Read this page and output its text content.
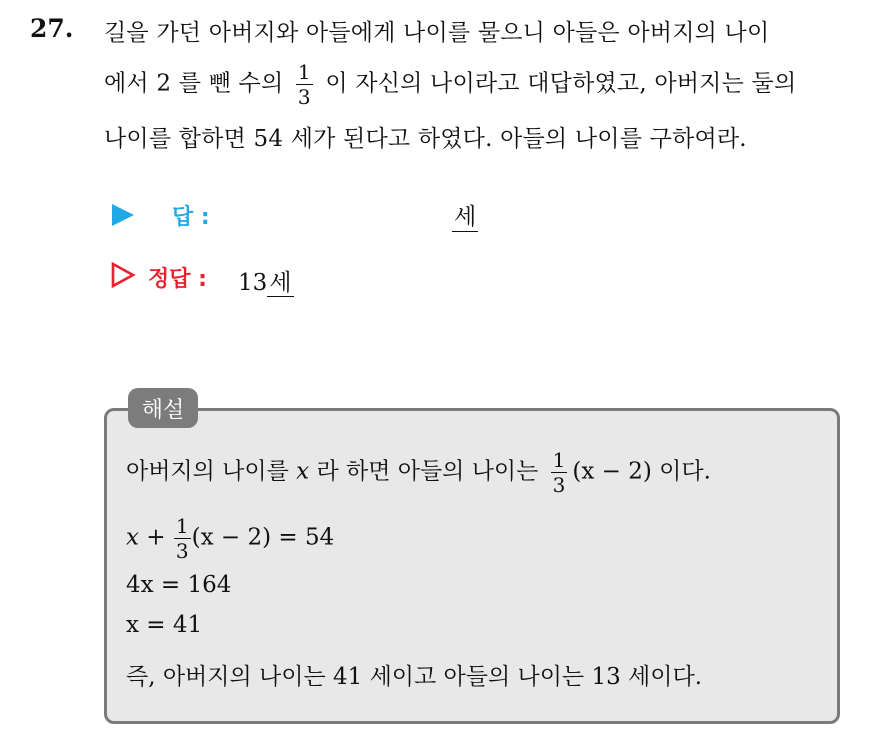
27. 길을 가던 아버지와 아들에게 나이를 물으니 아들은 아버지의 나이
에서 2 를 뺀 수의 $\frac{1}{3}$ 이 자신의 나이라고 대답하였고, 아버지는 둘의
나이를 합하면 54 세가 된다고 하였다. 아들의 나이를 구하여라.
답 :	세
정답 : 13세
해설
아버지의 나이를 x 라 하면 아들의 나이는 $\frac{1}{3} (x - 2)$ 이다.
$x + \frac{1}{3} (x - 2) = 54$
4x = 164
x = 41
즉, 아버지의 나이는 41 세이고 아들의 나이는 13 세이다.
